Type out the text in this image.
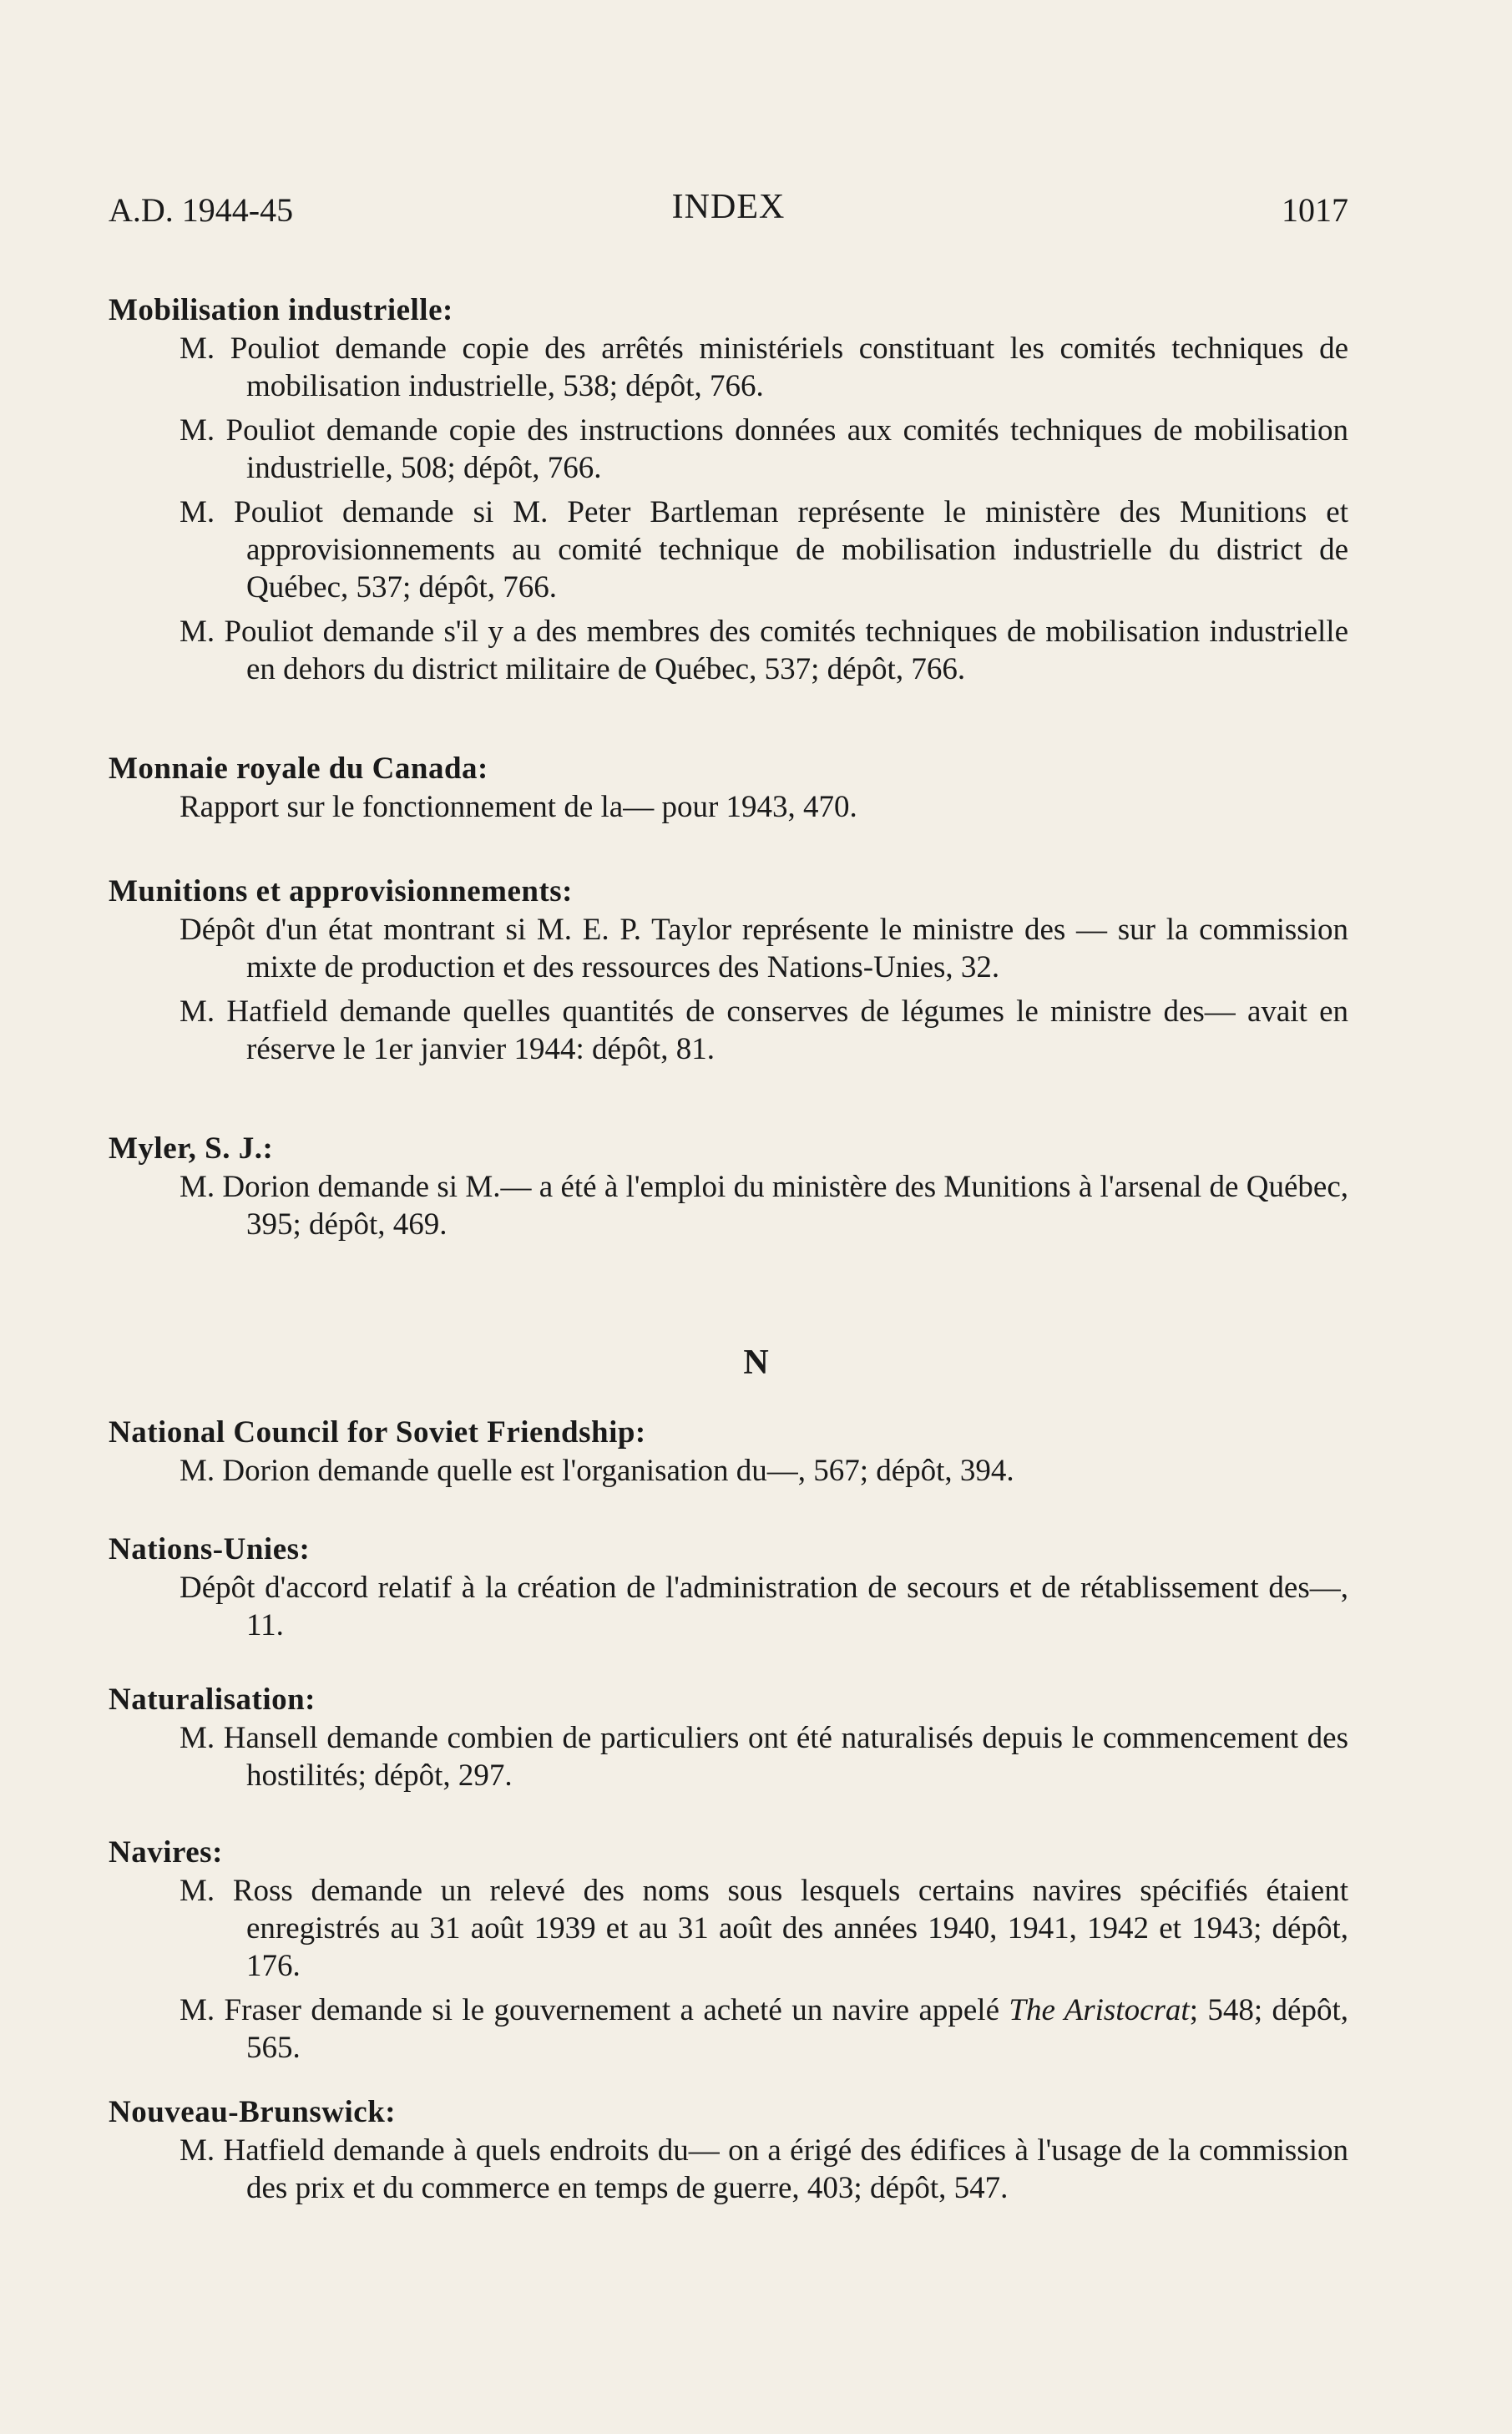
A.D. 1944-45	INDEX	1017
Mobilisation industrielle:
M. Pouliot demande copie des arrêtés ministériels constituant les comités techniques de mobilisation industrielle, 538; dépôt, 766.
M. Pouliot demande copie des instructions données aux comités techniques de mobilisation industrielle, 508; dépôt, 766.
M. Pouliot demande si M. Peter Bartleman représente le ministère des Munitions et approvisionnements au comité technique de mobilisation industrielle du district de Québec, 537; dépôt, 766.
M. Pouliot demande s'il y a des membres des comités techniques de mobilisation industrielle en dehors du district militaire de Québec, 537; dépôt, 766.
Monnaie royale du Canada:
Rapport sur le fonctionnement de la— pour 1943, 470.
Munitions et approvisionnements:
Dépôt d'un état montrant si M. E. P. Taylor représente le ministre des — sur la commission mixte de production et des ressources des Nations-Unies, 32.
M. Hatfield demande quelles quantités de conserves de légumes le ministre des— avait en réserve le 1er janvier 1944: dépôt, 81.
Myler, S. J.:
M. Dorion demande si M.— a été à l'emploi du ministère des Munitions à l'arsenal de Québec, 395; dépôt, 469.
N
National Council for Soviet Friendship:
M. Dorion demande quelle est l'organisation du—, 567; dépôt, 394.
Nations-Unies:
Dépôt d'accord relatif à la création de l'administration de secours et de rétablissement des—, 11.
Naturalisation:
M. Hansell demande combien de particuliers ont été naturalisés depuis le commencement des hostilités; dépôt, 297.
Navires:
M. Ross demande un relevé des noms sous lesquels certains navires spécifiés étaient enregistrés au 31 août 1939 et au 31 août des années 1940, 1941, 1942 et 1943; dépôt, 176.
M. Fraser demande si le gouvernement a acheté un navire appelé The Aristocrat; 548; dépôt, 565.
Nouveau-Brunswick:
M. Hatfield demande à quels endroits du— on a érigé des édifices à l'usage de la commission des prix et du commerce en temps de guerre, 403; dépôt, 547.
